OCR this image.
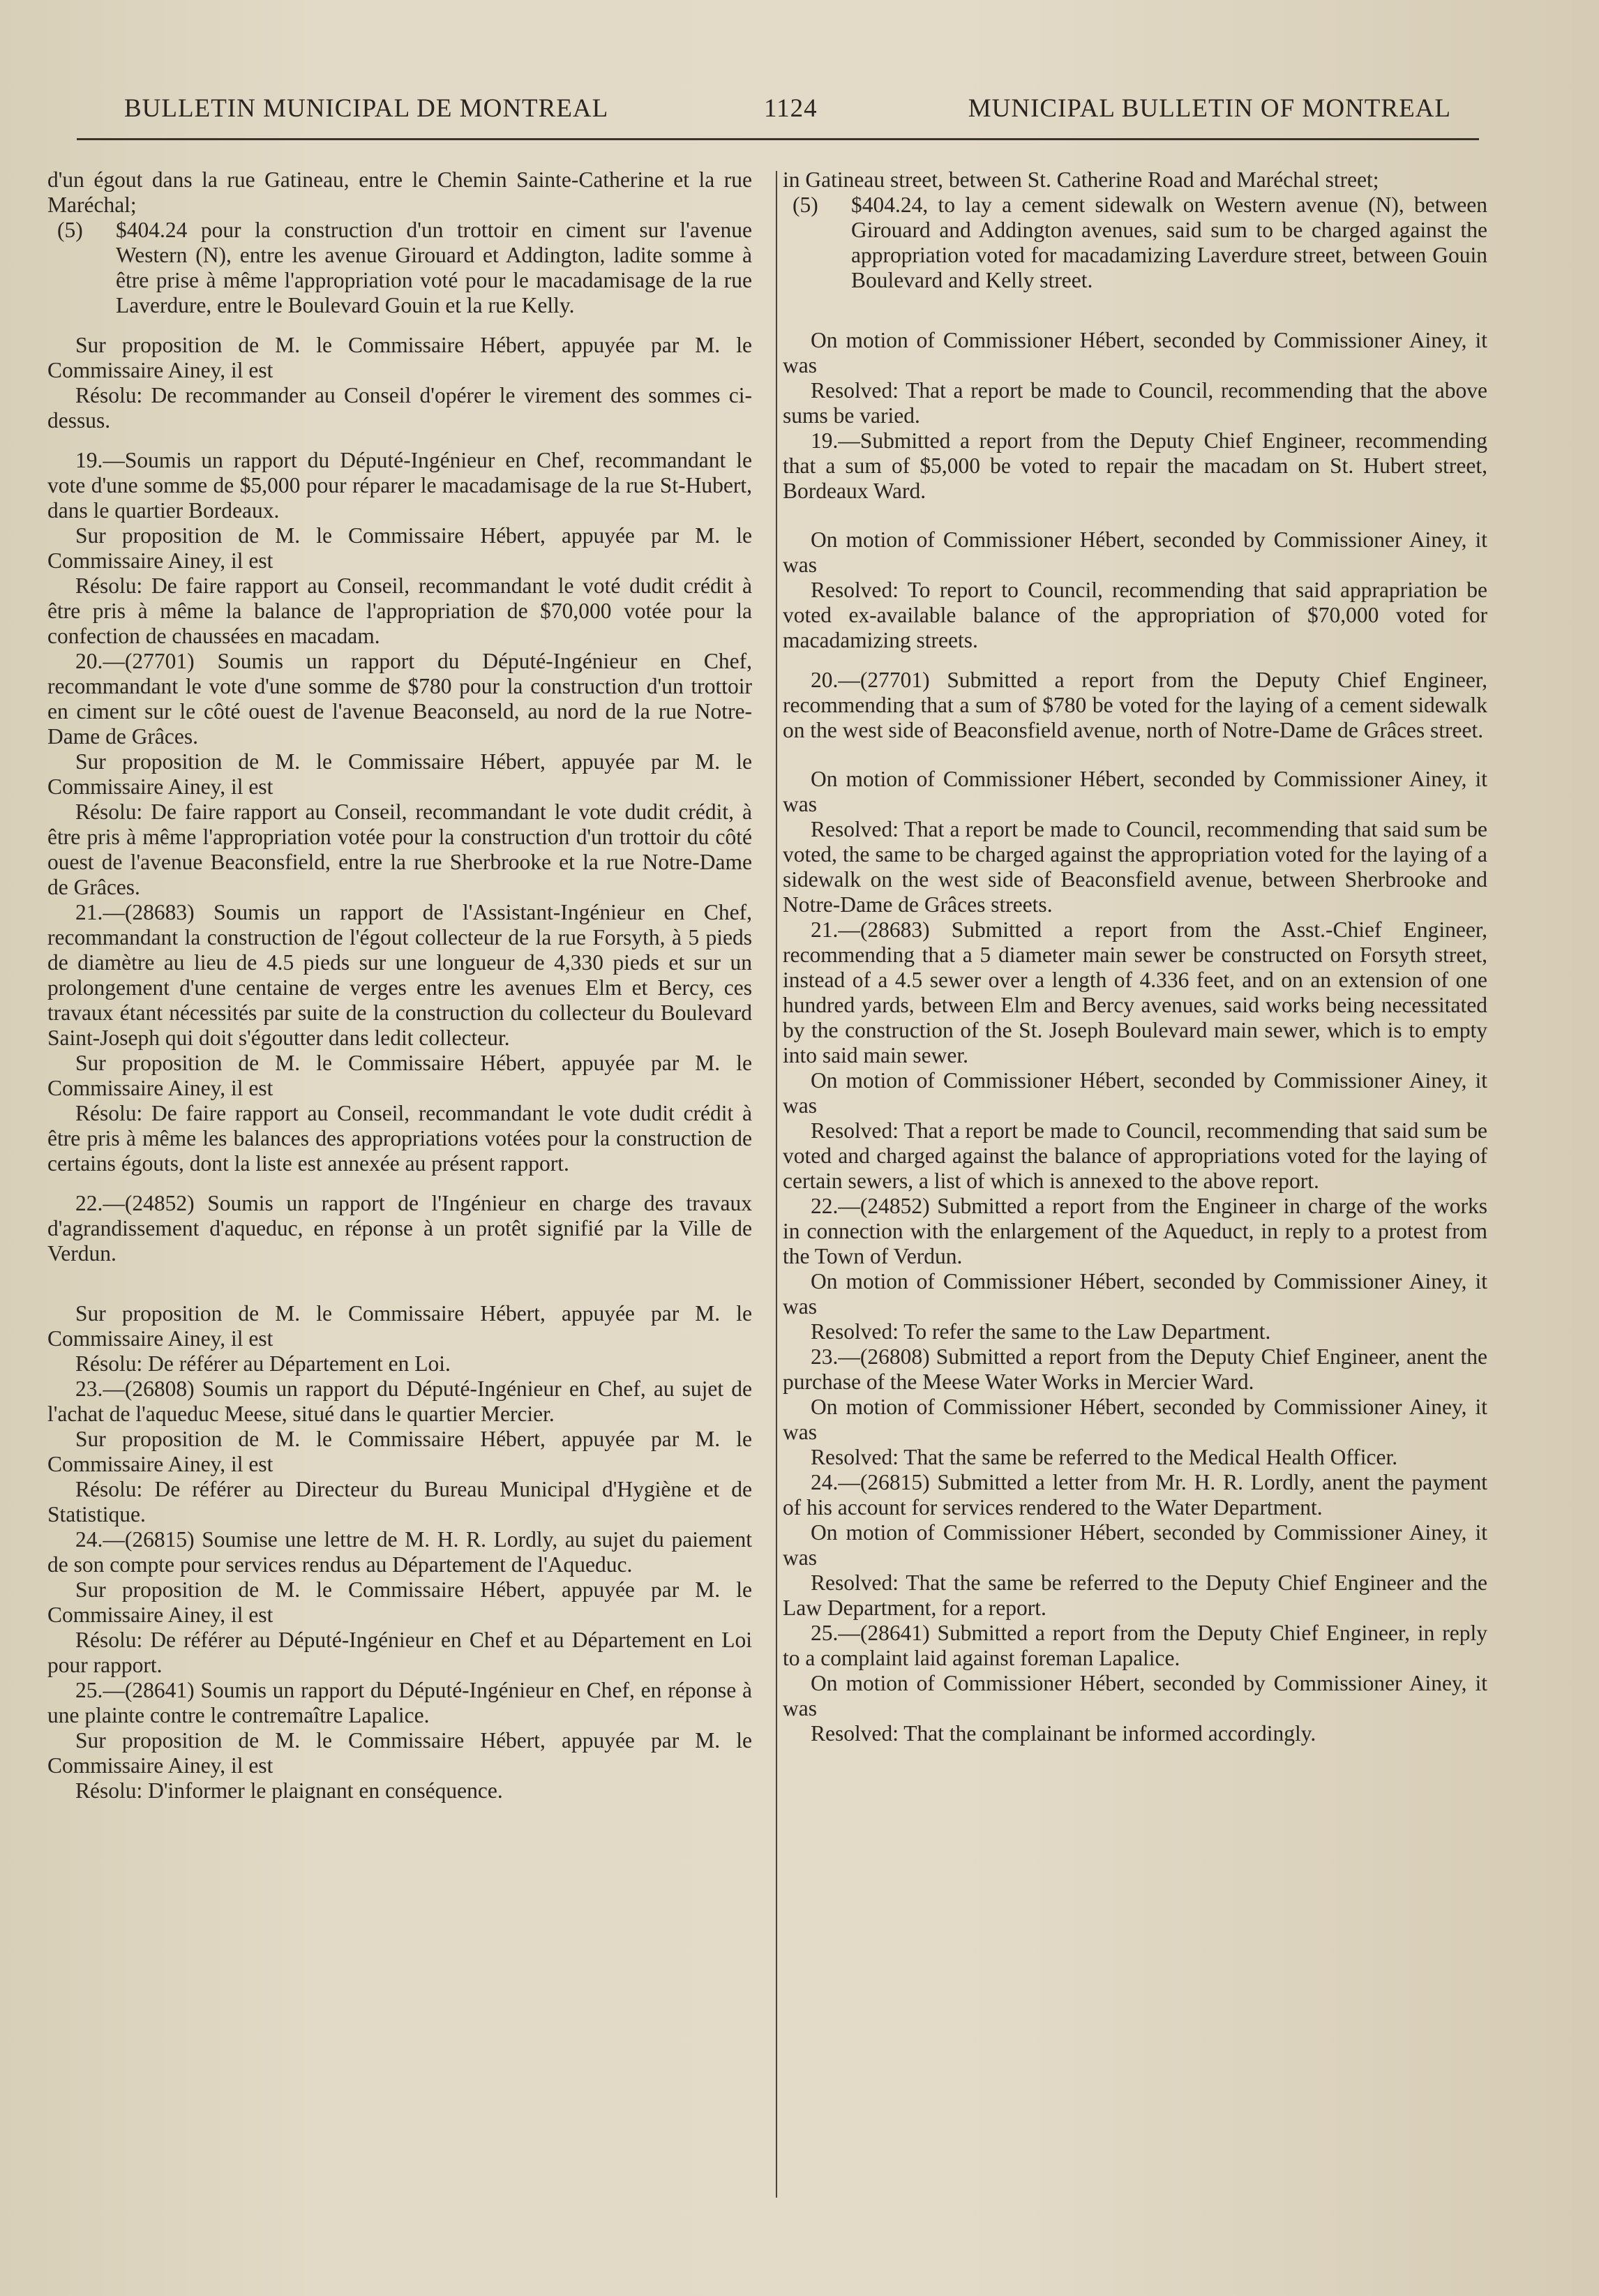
BULLETIN MUNICIPAL DE MONTREAL	1124	MUNICIPAL BULLETIN OF MONTREAL

d'un égout dans la rue Gatineau, entre le Chemin Sainte-Catherine et la rue Maréchal;

(5) $404.24 pour la construction d'un trottoir en ciment sur l'avenue Western (N), entre les avenue Girouard et Addington, ladite somme à être prise à même l'appropriation voté pour le macadamisage de la rue Laverdure, entre le Boulevard Gouin et la rue Kelly.

Sur proposition de M. le Commissaire Hébert, appuyée par M. le Commissaire Ainey, il est

Résolu: De recommander au Conseil d'opérer le virement des sommes ci-dessus.

19.—Soumis un rapport du Député-Ingénieur en Chef, recommandant le vote d'une somme de $5,000 pour réparer le macadamisage de la rue St-Hubert, dans le quartier Bordeaux.

Sur proposition de M. le Commissaire Hébert, appuyée par M. le Commissaire Ainey, il est

Résolu: De faire rapport au Conseil, recommandant le voté dudit crédit à être pris à même la balance de l'appropriation de $70,000 votée pour la confection de chaussées en macadam.

20.—(27701) Soumis un rapport du Député-Ingénieur en Chef, recommandant le vote d'une somme de $780 pour la construction d'un trottoir en ciment sur le côté ouest de l'avenue Beaconseld, au nord de la rue Notre-Dame de Grâces.

Sur proposition de M. le Commissaire Hébert, appuyée par M. le Commissaire Ainey, il est

Résolu: De faire rapport au Conseil, recommandant le vote dudit crédit, à être pris à même l'appropriation votée pour la construction d'un trottoir du côté ouest de l'avenue Beaconsfield, entre la rue Sherbrooke et la rue Notre-Dame de Grâces.

21.—(28683) Soumis un rapport de l'Assistant-Ingénieur en Chef, recommandant la construction de l'égout collecteur de la rue Forsyth, à 5 pieds de diamètre au lieu de 4.5 pieds sur une longueur de 4,330 pieds et sur un prolongement d'une centaine de verges entre les avenues Elm et Bercy, ces travaux étant nécessités par suite de la construction du collecteur du Boulevard Saint-Joseph qui doit s'égoutter dans ledit collecteur.

Sur proposition de M. le Commissaire Hébert, appuyée par M. le Commissaire Ainey, il est

Résolu: De faire rapport au Conseil, recommandant le vote dudit crédit à être pris à même les balances des appropriations votées pour la construction de certains égouts, dont la liste est annexée au présent rapport.

22.—(24852) Soumis un rapport de l'Ingénieur en charge des travaux d'agrandissement d'aqueduc, en réponse à un protêt signifié par la Ville de Verdun.

Sur proposition de M. le Commissaire Hébert, appuyée par M. le Commissaire Ainey, il est

Résolu: De référer au Département en Loi.

23.—(26808) Soumis un rapport du Député-Ingénieur en Chef, au sujet de l'achat de l'aqueduc Meese, situé dans le quartier Mercier.

Sur proposition de M. le Commissaire Hébert, appuyée par M. le Commissaire Ainey, il est

Résolu: De référer au Directeur du Bureau Municipal d'Hygiène et de Statistique.

24.—(26815) Soumise une lettre de M. H. R. Lordly, au sujet du paiement de son compte pour services rendus au Département de l'Aqueduc.

Sur proposition de M. le Commissaire Hébert, appuyée par M. le Commissaire Ainey, il est

Résolu: De référer au Député-Ingénieur en Chef et au Département en Loi pour rapport.

25.—(28641) Soumis un rapport du Député-Ingénieur en Chef, en réponse à une plainte contre le contremaître Lapalice.

Sur proposition de M. le Commissaire Hébert, appuyée par M. le Commissaire Ainey, il est

Résolu: D'informer le plaignant en conséquence.

in Gatineau street, between St. Catherine Road and Maréchal street;

(5) $404.24, to lay a cement sidewalk on Western avenue (N), between Girouard and Addington avenues, said sum to be charged against the appropriation voted for macadamizing Laverdure street, between Gouin Boulevard and Kelly street.

On motion of Commissioner Hébert, seconded by Commissioner Ainey, it was

Resolved: That a report be made to Council, recommending that the above sums be varied.

19.—Submitted a report from the Deputy Chief Engineer, recommending that a sum of $5,000 be voted to repair the macadam on St. Hubert street, Bordeaux Ward.

On motion of Commissioner Hébert, seconded by Commissioner Ainey, it was

Resolved: To report to Council, recommending that said apprapriation be voted ex-available balance of the appropriation of $70,000 voted for macadamizing streets.

20.—(27701) Submitted a report from the Deputy Chief Engineer, recommending that a sum of $780 be voted for the laying of a cement sidewalk on the west side of Beaconsfield avenue, north of Notre-Dame de Grâces street.

On motion of Commissioner Hébert, seconded by Commissioner Ainey, it was

Resolved: That a report be made to Council, recommending that said sum be voted, the same to be charged against the appropriation voted for the laying of a sidewalk on the west side of Beaconsfield avenue, between Sherbrooke and Notre-Dame de Grâces streets.

21.—(28683) Submitted a report from the Asst.-Chief Engineer, recommending that a 5 diameter main sewer be constructed on Forsyth street, instead of a 4.5 sewer over a length of 4.336 feet, and on an extension of one hundred yards, between Elm and Bercy avenues, said works being necessitated by the construction of the St. Joseph Boulevard main sewer, which is to empty into said main sewer.

On motion of Commissioner Hébert, seconded by Commissioner Ainey, it was

Resolved: That a report be made to Council, recommending that said sum be voted and charged against the balance of appropriations voted for the laying of certain sewers, a list of which is annexed to the above report.

22.—(24852) Submitted a report from the Engineer in charge of the works in connection with the enlargement of the Aqueduct, in reply to a protest from the Town of Verdun.

On motion of Commissioner Hébert, seconded by Commissioner Ainey, it was

Resolved: To refer the same to the Law Department.

23.—(26808) Submitted a report from the Deputy Chief Engineer, anent the purchase of the Meese Water Works in Mercier Ward.

On motion of Commissioner Hébert, seconded by Commissioner Ainey, it was

Resolved: That the same be referred to the Medical Health Officer.

24.—(26815) Submitted a letter from Mr. H. R. Lordly, anent the payment of his account for services rendered to the Water Department.

On motion of Commissioner Hébert, seconded by Commissioner Ainey, it was

Resolved: That the same be referred to the Deputy Chief Engineer and the Law Department, for a report.

25.—(28641) Submitted a report from the Deputy Chief Engineer, in reply to a complaint laid against foreman Lapalice.

On motion of Commissioner Hébert, seconded by Commissioner Ainey, it was

Resolved: That the complainant be informed accordingly.
